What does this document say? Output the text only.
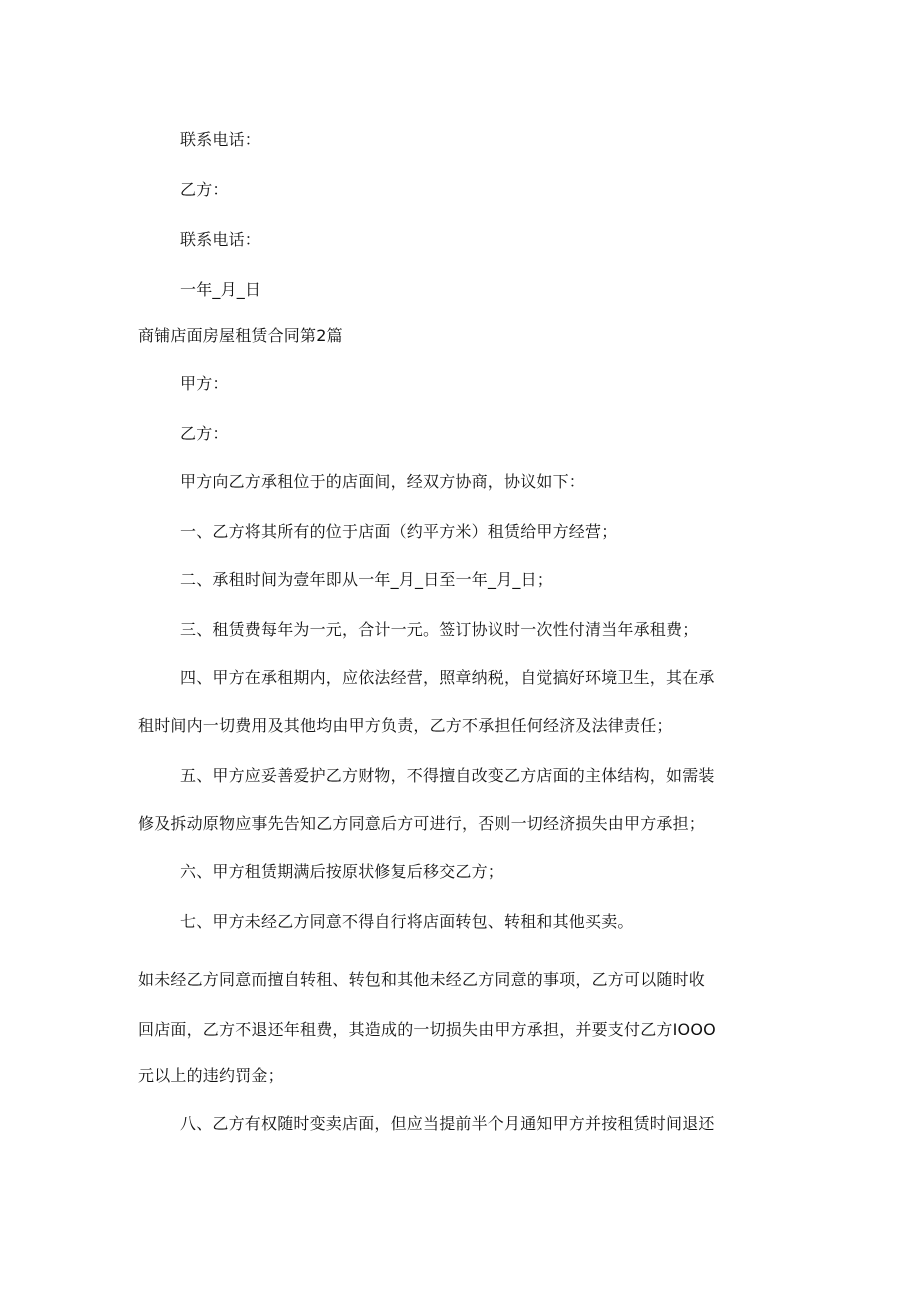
联系电话：
乙方：
联系电话：
一年_月_日
商铺店面房屋租赁合同第2篇
甲方：
乙方：
甲方向乙方承租位于的店面间，经双方协商，协议如下：
一、乙方将其所有的位于店面（约平方米）租赁给甲方经营；
二、承租时间为壹年即从一年_月_日至一年_月_日；
三、租赁费每年为一元，合计一元。签订协议时一次性付清当年承租费；
四、甲方在承租期内，应依法经营，照章纳税，自觉搞好环境卫生，其在承
租时间内一切费用及其他均由甲方负责，乙方不承担任何经济及法律责任；
五、甲方应妥善爱护乙方财物，不得擅自改变乙方店面的主体结构，如需装
修及拆动原物应事先告知乙方同意后方可进行，否则一切经济损失由甲方承担；
六、甲方租赁期满后按原状修复后移交乙方；
七、甲方未经乙方同意不得自行将店面转包、转租和其他买卖。
如未经乙方同意而擅自转租、转包和其他未经乙方同意的事项，乙方可以随时收
回店面，乙方不退还年租费，其造成的一切损失由甲方承担，并要支付乙方IOOO
元以上的违约罚金；
八、乙方有权随时变卖店面，但应当提前半个月通知甲方并按租赁时间退还
